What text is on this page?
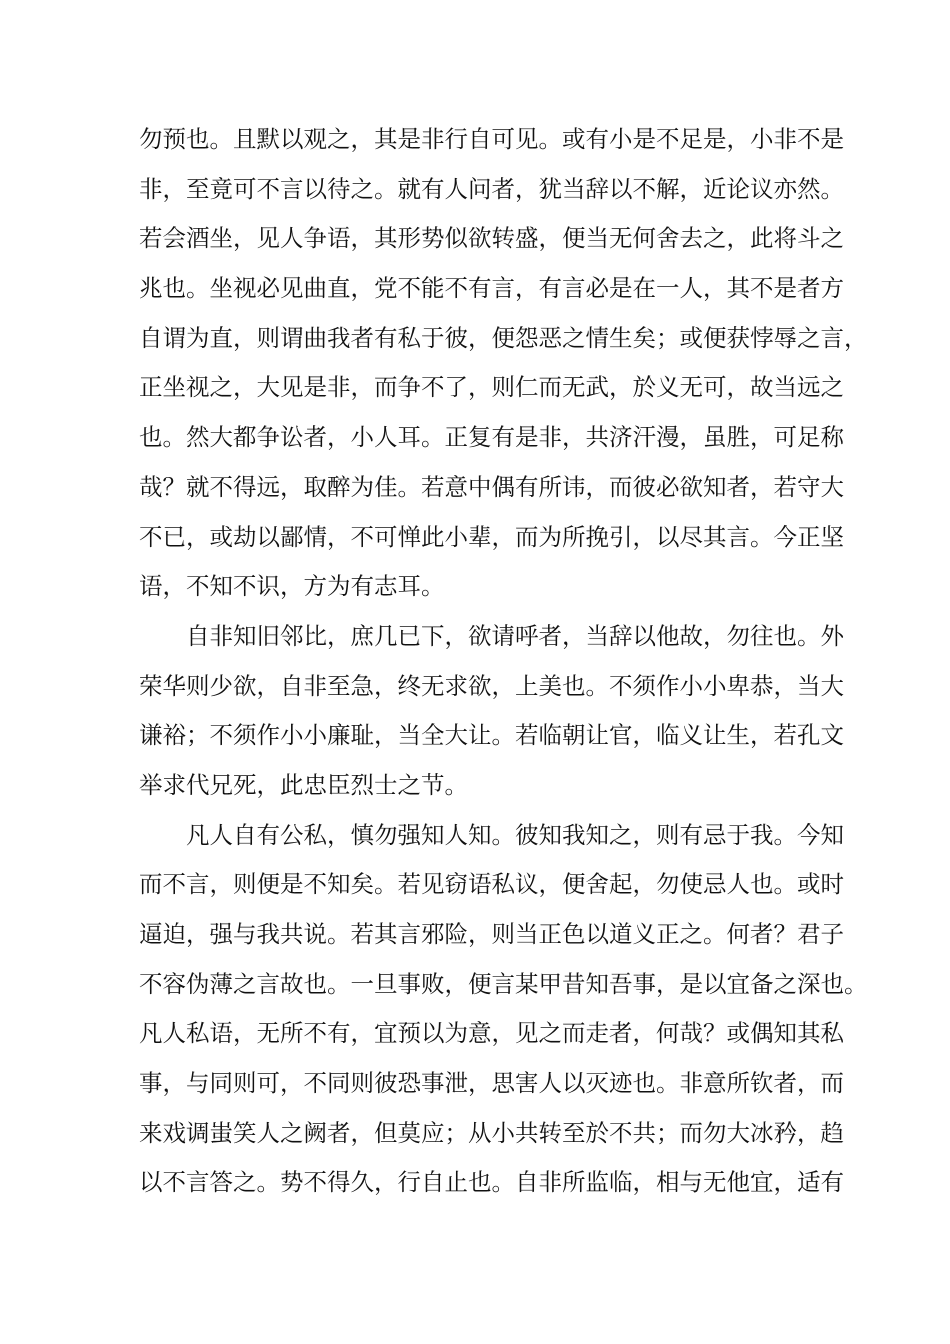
勿预也。且默以观之，其是非行自可见。或有小是不足是，小非不是
非，至竟可不言以待之。就有人问者，犹当辞以不解，近论议亦然。
若会酒坐，见人争语，其形势似欲转盛，便当无何舍去之，此将斗之
兆也。坐视必见曲直，党不能不有言，有言必是在一人，其不是者方
自谓为直，则谓曲我者有私于彼，便怨恶之情生矣；或便获悖辱之言，
正坐视之，大见是非，而争不了，则仁而无武，於义无可，故当远之
也。然大都争讼者，小人耳。正复有是非，共济汗漫，虽胜，可足称
哉？就不得远，取醉为佳。若意中偶有所讳，而彼必欲知者，若守大
不已，或劫以鄙情，不可惮此小辈，而为所挽引，以尽其言。今正坚
语，不知不识，方为有志耳。
自非知旧邻比，庶几已下，欲请呼者，当辞以他故，勿往也。外
荣华则少欲，自非至急，终无求欲，上美也。不须作小小卑恭，当大
谦裕；不须作小小廉耻，当全大让。若临朝让官，临义让生，若孔文
举求代兄死，此忠臣烈士之节。
凡人自有公私，慎勿强知人知。彼知我知之，则有忌于我。今知
而不言，则便是不知矣。若见窃语私议，便舍起，勿使忌人也。或时
逼迫，强与我共说。若其言邪险，则当正色以道义正之。何者？君子
不容伪薄之言故也。一旦事败，便言某甲昔知吾事，是以宜备之深也。
凡人私语，无所不有，宜预以为意，见之而走者，何哉？或偶知其私
事，与同则可，不同则彼恐事泄，思害人以灭迹也。非意所钦者，而
来戏调蚩笑人之阙者，但莫应；从小共转至於不共；而勿大冰矜，趋
以不言答之。势不得久，行自止也。自非所监临，相与无他宜，适有
